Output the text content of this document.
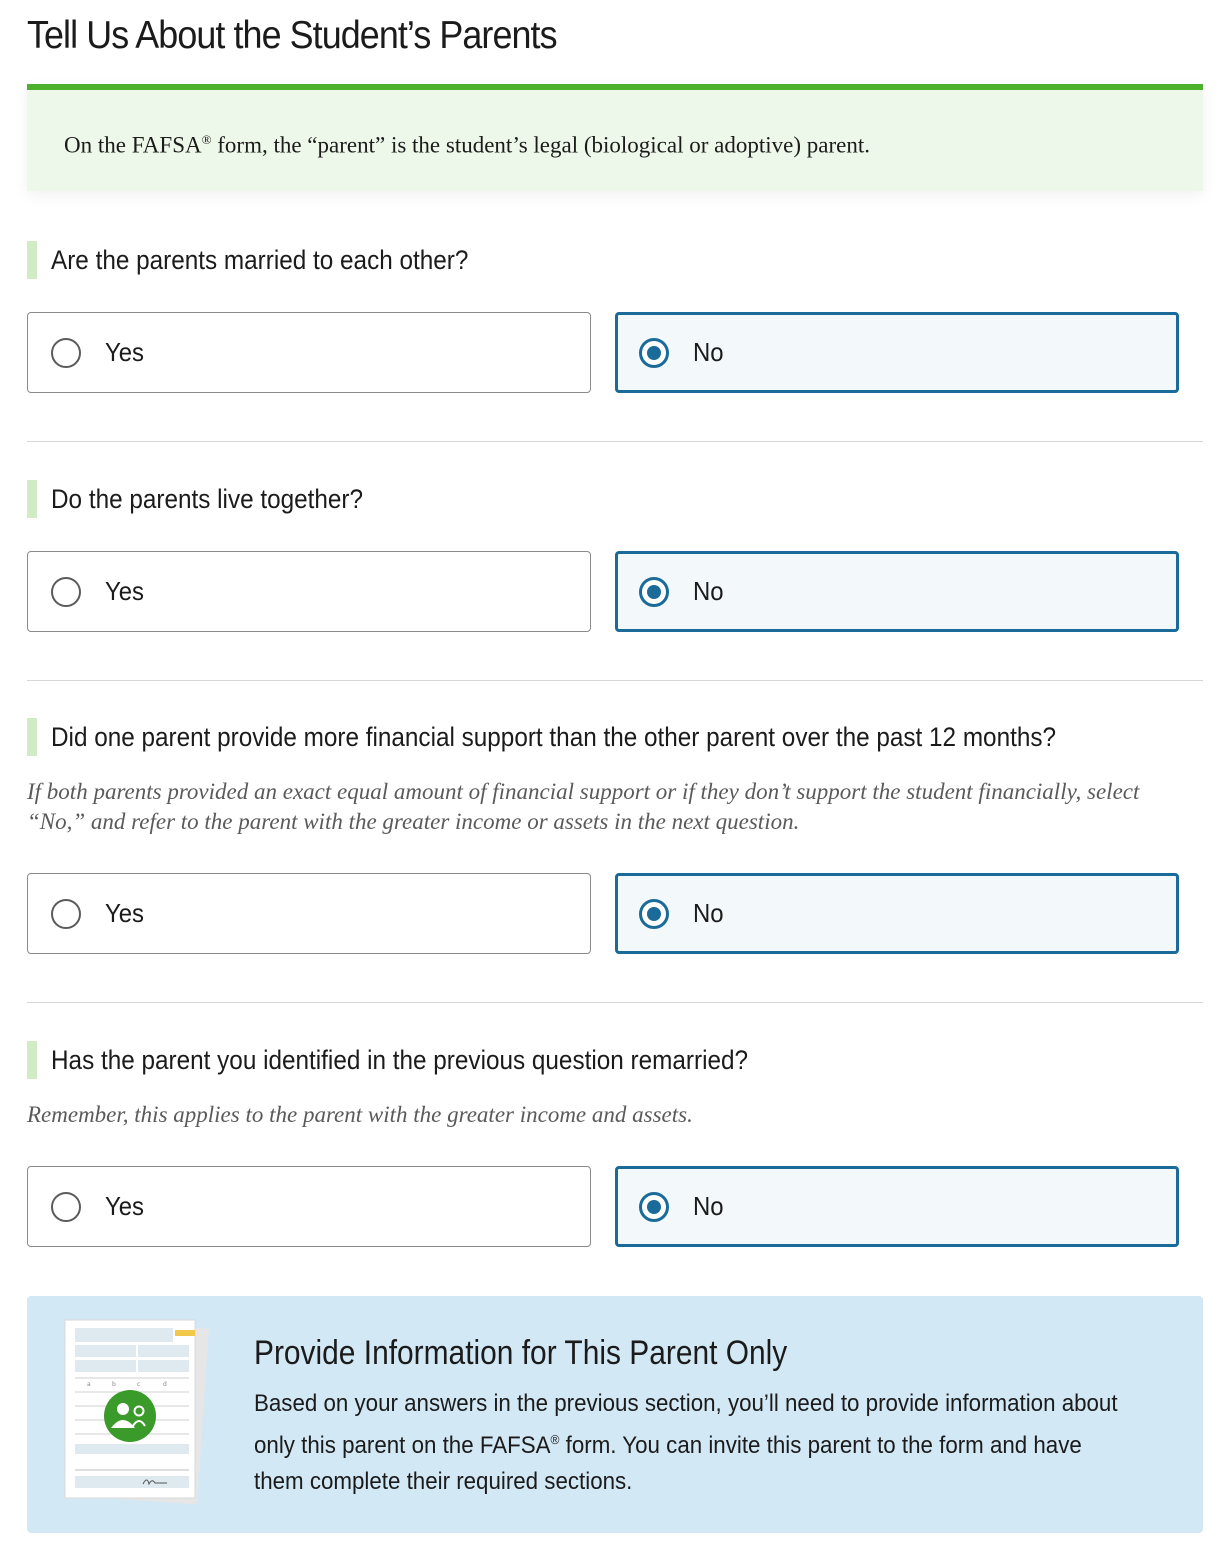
Tell Us About the Student’s Parents
On the FAFSA® form, the “parent” is the student’s legal (biological or adoptive) parent.
Are the parents married to each other?
Yes	No
Do the parents live together?
Yes	No
Did one parent provide more financial support than the other parent over the past 12 months?

If both parents provided an exact equal amount of financial support or if they don’t support the student financially, select “No,” and refer to the parent with the greater income or assets in the next question.

Yes	No
Has the parent you identified in the previous question remarried?

Remember, this applies to the parent with the greater income and assets.

Yes	No
a	b	c	d
Provide Information for This Parent Only

Based on your answers in the previous section, you’ll need to provide information about only this parent on the FAFSA® form. You can invite this parent to the form and have them complete their required sections.
